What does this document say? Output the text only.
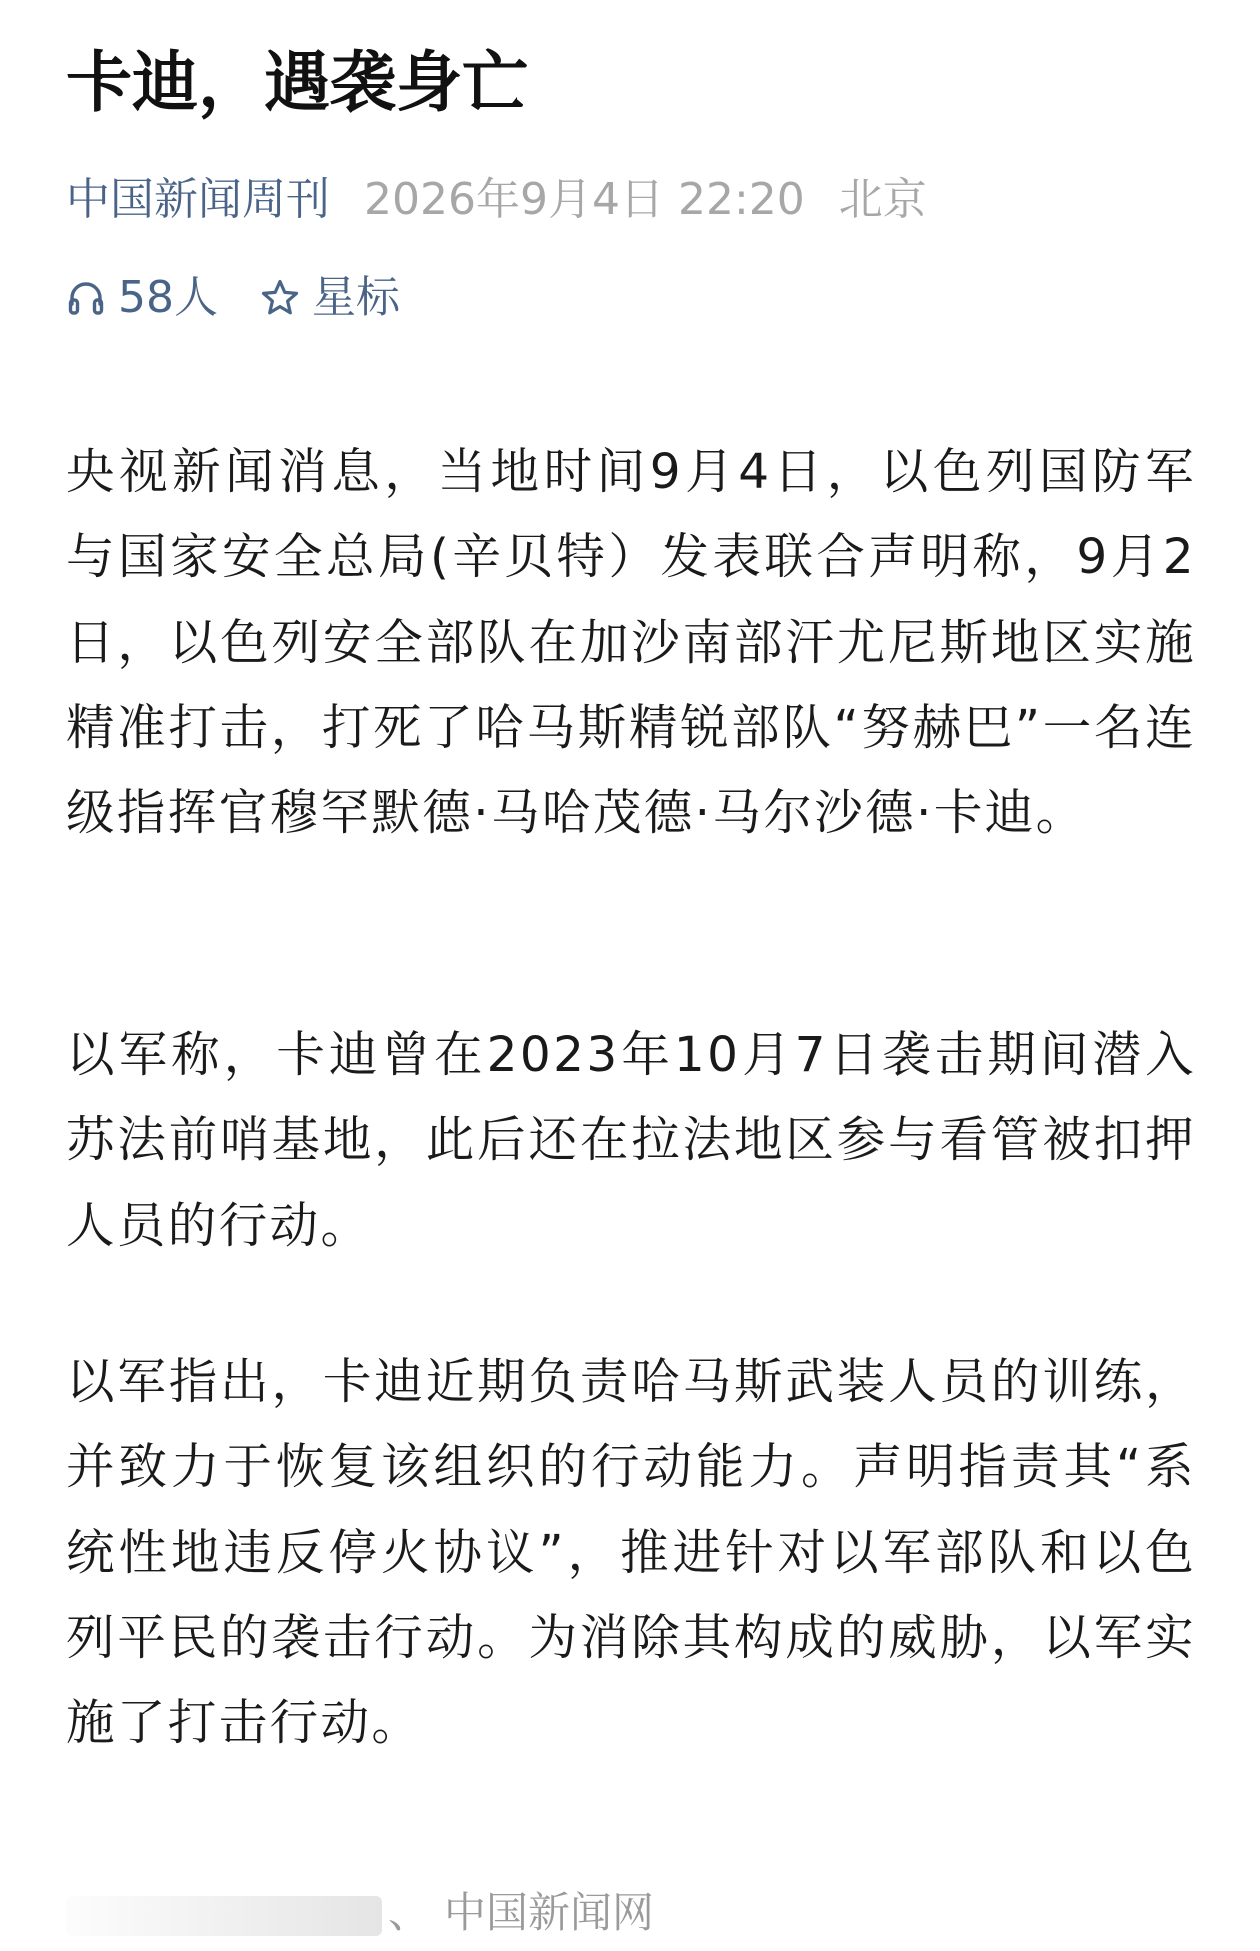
卡迪，遇袭身亡
中国新闻周刊 2026年9月4日 22:20 北京
58人 星标

央视新闻消息，当地时间9月4日，以色列国防军与国家安全总局(辛贝特）发表联合声明称，9月2日，以色列安全部队在加沙南部汗尤尼斯地区实施精准打击，打死了哈马斯精锐部队“努赫巴”一名连级指挥官穆罕默德·马哈茂德·马尔沙德·卡迪。

以军称，卡迪曾在2023年10月7日袭击期间潜入苏法前哨基地，此后还在拉法地区参与看管被扣押人员的行动。

以军指出，卡迪近期负责哈马斯武装人员的训练，并致力于恢复该组织的行动能力。声明指责其“系统性地违反停火协议”，推进针对以军部队和以色列平民的袭击行动。为消除其构成的威胁，以军实施了打击行动。

、 中国新闻网
